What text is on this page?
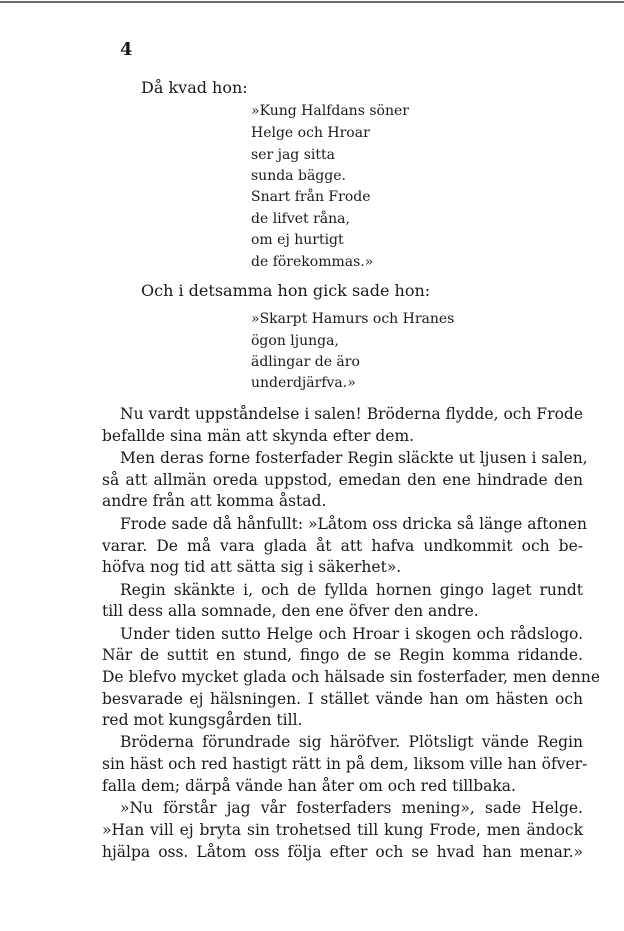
4
Då kvad hon:
»Kung Halfdans söner
Helge och Hroar
ser jag sitta
sunda bägge.
Snart från Frode
de lifvet råna,
om ej hurtigt
de förekommas.»
Och i detsamma hon gick sade hon:
»Skarpt Hamurs och Hranes
ögon ljunga,
ädlingar de äro
underdjärfva.»
Nu vardt uppståndelse i salen! Bröderna flydde, och Frode
befallde sina män att skynda efter dem.
Men deras forne fosterfader Regin släckte ut ljusen i salen,
så att allmän oreda uppstod, emedan den ene hindrade den
andre från att komma åstad.
Frode sade då hånfullt: »Låtom oss dricka så länge aftonen
varar. De må vara glada åt att hafva undkommit och be-
höfva nog tid att sätta sig i säkerhet».
Regin skänkte i, och de fyllda hornen gingo laget rundt
till dess alla somnade, den ene öfver den andre.
Under tiden sutto Helge och Hroar i skogen och rådslogo.
När de suttit en stund, fingo de se Regin komma ridande.
De blefvo mycket glada och hälsade sin fosterfader, men denne
besvarade ej hälsningen. I stället vände han om hästen och
red mot kungsgården till.
Bröderna förundrade sig häröfver. Plötsligt vände Regin
sin häst och red hastigt rätt in på dem, liksom ville han öfver-
falla dem; därpå vände han åter om och red tillbaka.
»Nu förstår jag vår fosterfaders mening», sade Helge.
»Han vill ej bryta sin trohetsed till kung Frode, men ändock
hjälpa oss. Låtom oss följa efter och se hvad han menar.»
